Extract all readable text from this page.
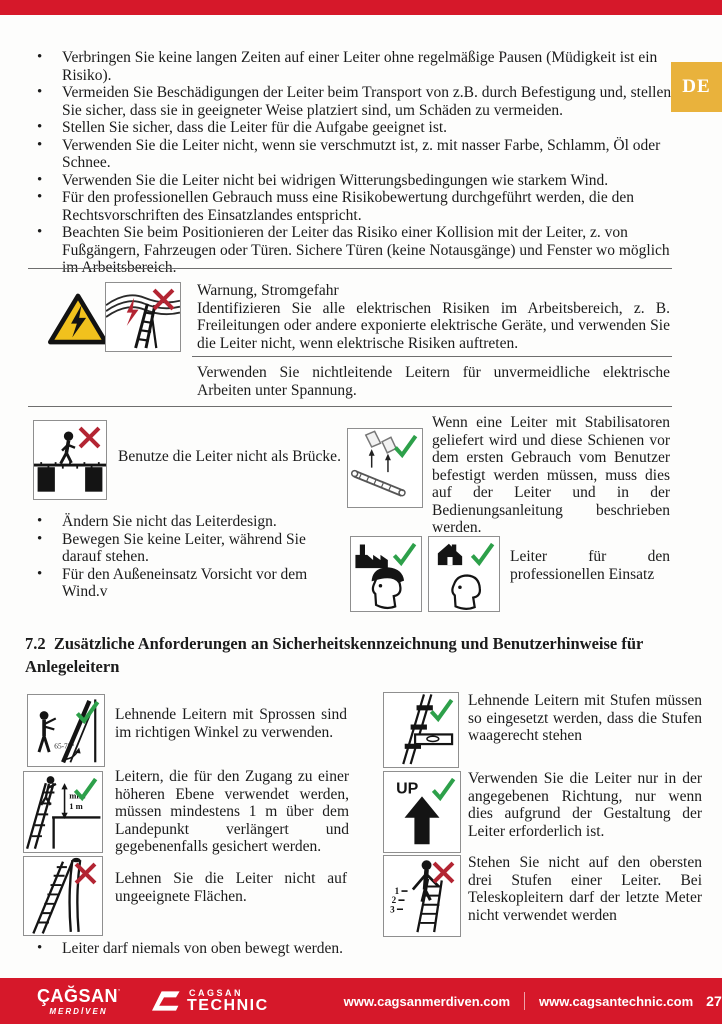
DE
• Verbringen Sie keine langen Zeiten auf einer Leiter ohne regelmäßige Pausen (Müdigkeit ist ein Risiko).
• Vermeiden Sie Beschädigungen der Leiter beim Transport von z.B. durch Befestigung und, stellen Sie sicher, dass sie in geeigneter Weise platziert sind, um Schäden zu vermeiden.
• Stellen Sie sicher, dass die Leiter für die Aufgabe geeignet ist.
• Verwenden Sie die Leiter nicht, wenn sie verschmutzt ist, z. mit nasser Farbe, Schlamm, Öl oder Schnee.
• Verwenden Sie die Leiter nicht bei widrigen Witterungsbedingungen wie starkem Wind.
• Für den professionellen Gebrauch muss eine Risikobewertung durchgeführt werden, die den Rechtsvorschriften des Einsatzlandes entspricht.
• Beachten Sie beim Positionieren der Leiter das Risiko einer Kollision mit der Leiter, z. von Fußgängern, Fahrzeugen oder Türen. Sichere Türen (keine Notausgänge) und Fenster wo möglich im Arbeitsbereich.
Warnung, Stromgefahr
Identifizieren Sie alle elektrischen Risiken im Arbeitsbereich, z. B. Freileitungen oder andere exponierte elektrische Geräte, und verwenden Sie die Leiter nicht, wenn elektrische Risiken auftreten.
Verwenden Sie nichtleitende Leitern für unvermeidliche elektrische Arbeiten unter Spannung.
Benutze die Leiter nicht als Brücke.
Wenn eine Leiter mit Stabilisatoren geliefert wird und diese Schienen vor dem ersten Gebrauch vom Benutzer befestigt werden müssen, muss dies auf der Leiter und in der Bedienungsanleitung beschrieben werden.
• Ändern Sie nicht das Leiterdesign.
• Bewegen Sie keine Leiter, während Sie darauf stehen.
• Für den Außeneinsatz Vorsicht vor dem Wind.v
Leiter für den professionellen Einsatz
7.2 Zusätzliche Anforderungen an Sicherheitskennzeichnung und Benutzerhinweise für Anlegeleitern
65-75°
Lehnende Leitern mit Sprossen sind im richtigen Winkel zu verwenden.
Lehnende Leitern mit Stufen müssen so eingesetzt werden, dass die Stufen waagerecht stehen
min.
1 m
Leitern, die für den Zugang zu einer höheren Ebene verwendet werden, müssen mindestens 1 m über dem Landepunkt verlängert und gegebenenfalls gesichert werden.
UP
Verwenden Sie die Leiter nur in der angegebenen Richtung, nur wenn dies aufgrund der Gestaltung der Leiter erforderlich ist.
Lehnen Sie die Leiter nicht auf ungeeignete Flächen.	1
2
3
Stehen Sie nicht auf den obersten drei Stufen einer Leiter. Bei Teleskopleitern darf der letzte Meter nicht verwendet werden
• Leiter darf niemals von oben bewegt werden.
ÇAĞSAN’
MERDİVEN
CAGSAN
TECHNIC	www.cagsanmerdiven.com www.cagsantechnic.com 27
